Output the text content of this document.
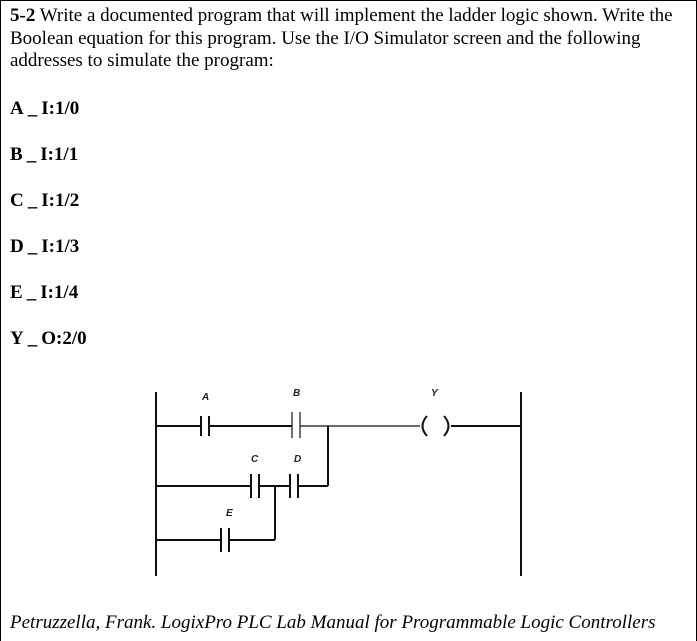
5-2 Write a documented program that will implement the ladder logic shown. Write the Boolean equation for this program. Use the I/O Simulator screen and the following addresses to simulate the program:
A _ I:1/0
B _ I:1/1
C _ I:1/2
D _ I:1/3
E _ I:1/4
Y _ O:2/0
A	B
C	D
E
Y
Petruzzella, Frank. LogixPro PLC Lab Manual for Programmable Logic Controllers
